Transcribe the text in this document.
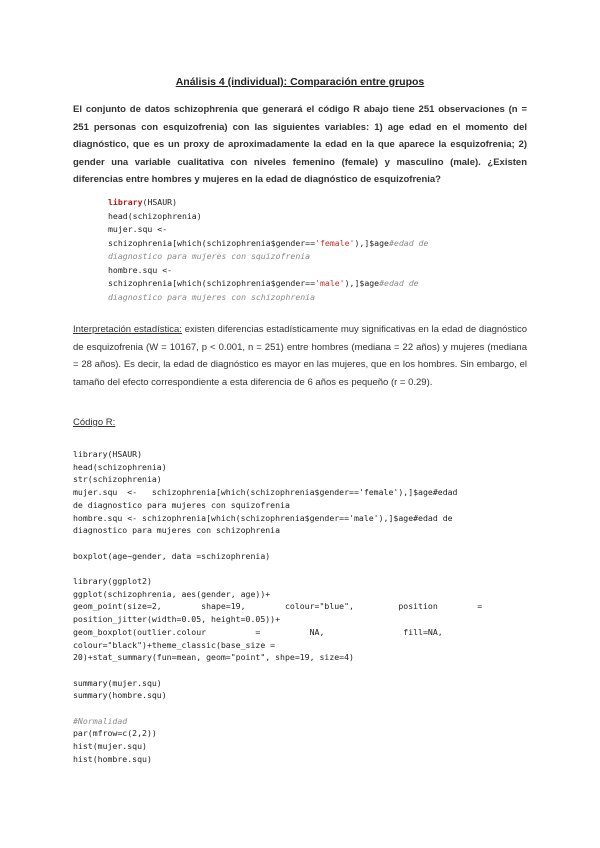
Análisis 4 (individual): Comparación entre grupos
El conjunto de datos schizophrenia que generará el código R abajo tiene 251 observaciones (n = 251 personas con esquizofrenia) con las siguientes variables: 1) age edad en el momento del diagnóstico, que es un proxy de aproximadamente la edad en la que aparece la esquizofrenia; 2) gender una variable cualitativa con niveles femenino (female) y masculino (male). ¿Existen diferencias entre hombres y mujeres en la edad de diagnóstico de esquizofrenia?
library(HSAUR)
head(schizophrenia)
mujer.squ <-
schizophrenia[which(schizophrenia$gender=='female'),]$age#edad de
diagnostico para mujeres con squizofrenia
hombre.squ <-
schizophrenia[which(schizophrenia$gender=='male'),]$age#edad de
diagnostico para mujeres con schizophrenia
Interpretación estadística: existen diferencias estadísticamente muy significativas en la edad de diagnóstico de esquizofrenia (W = 10167, p < 0.001, n = 251) entre hombres (mediana = 22 años) y mujeres (mediana = 28 años). Es decir, la edad de diagnóstico es mayor en las mujeres, que en los hombres. Sin embargo, el tamaño del efecto correspondiente a esta diferencia de 6 años es pequeño (r = 0.29).
Código R:
library(HSAUR)
head(schizophrenia)
str(schizophrenia)
mujer.squ  <-   schizophrenia[which(schizophrenia$gender=='female'),]$age#edad
de diagnostico para mujeres con squizofrenia
hombre.squ <- schizophrenia[which(schizophrenia$gender=='male'),]$age#edad de
diagnostico para mujeres con schizophrenia
boxplot(age~gender, data =schizophrenia)
library(ggplot2)
ggplot(schizophrenia, aes(gender, age))+
geom_point(size=2,        shape=19,        colour="blue",         position        =
position_jitter(width=0.05, height=0.05))+
geom_boxplot(outlier.colour          =          NA,                fill=NA,
colour="black")+theme_classic(base_size =
20)+stat_summary(fun=mean, geom="point", shpe=19, size=4)
summary(mujer.squ)
summary(hombre.squ)
#Normalidad
par(mfrow=c(2,2))
hist(mujer.squ)
hist(hombre.squ)
